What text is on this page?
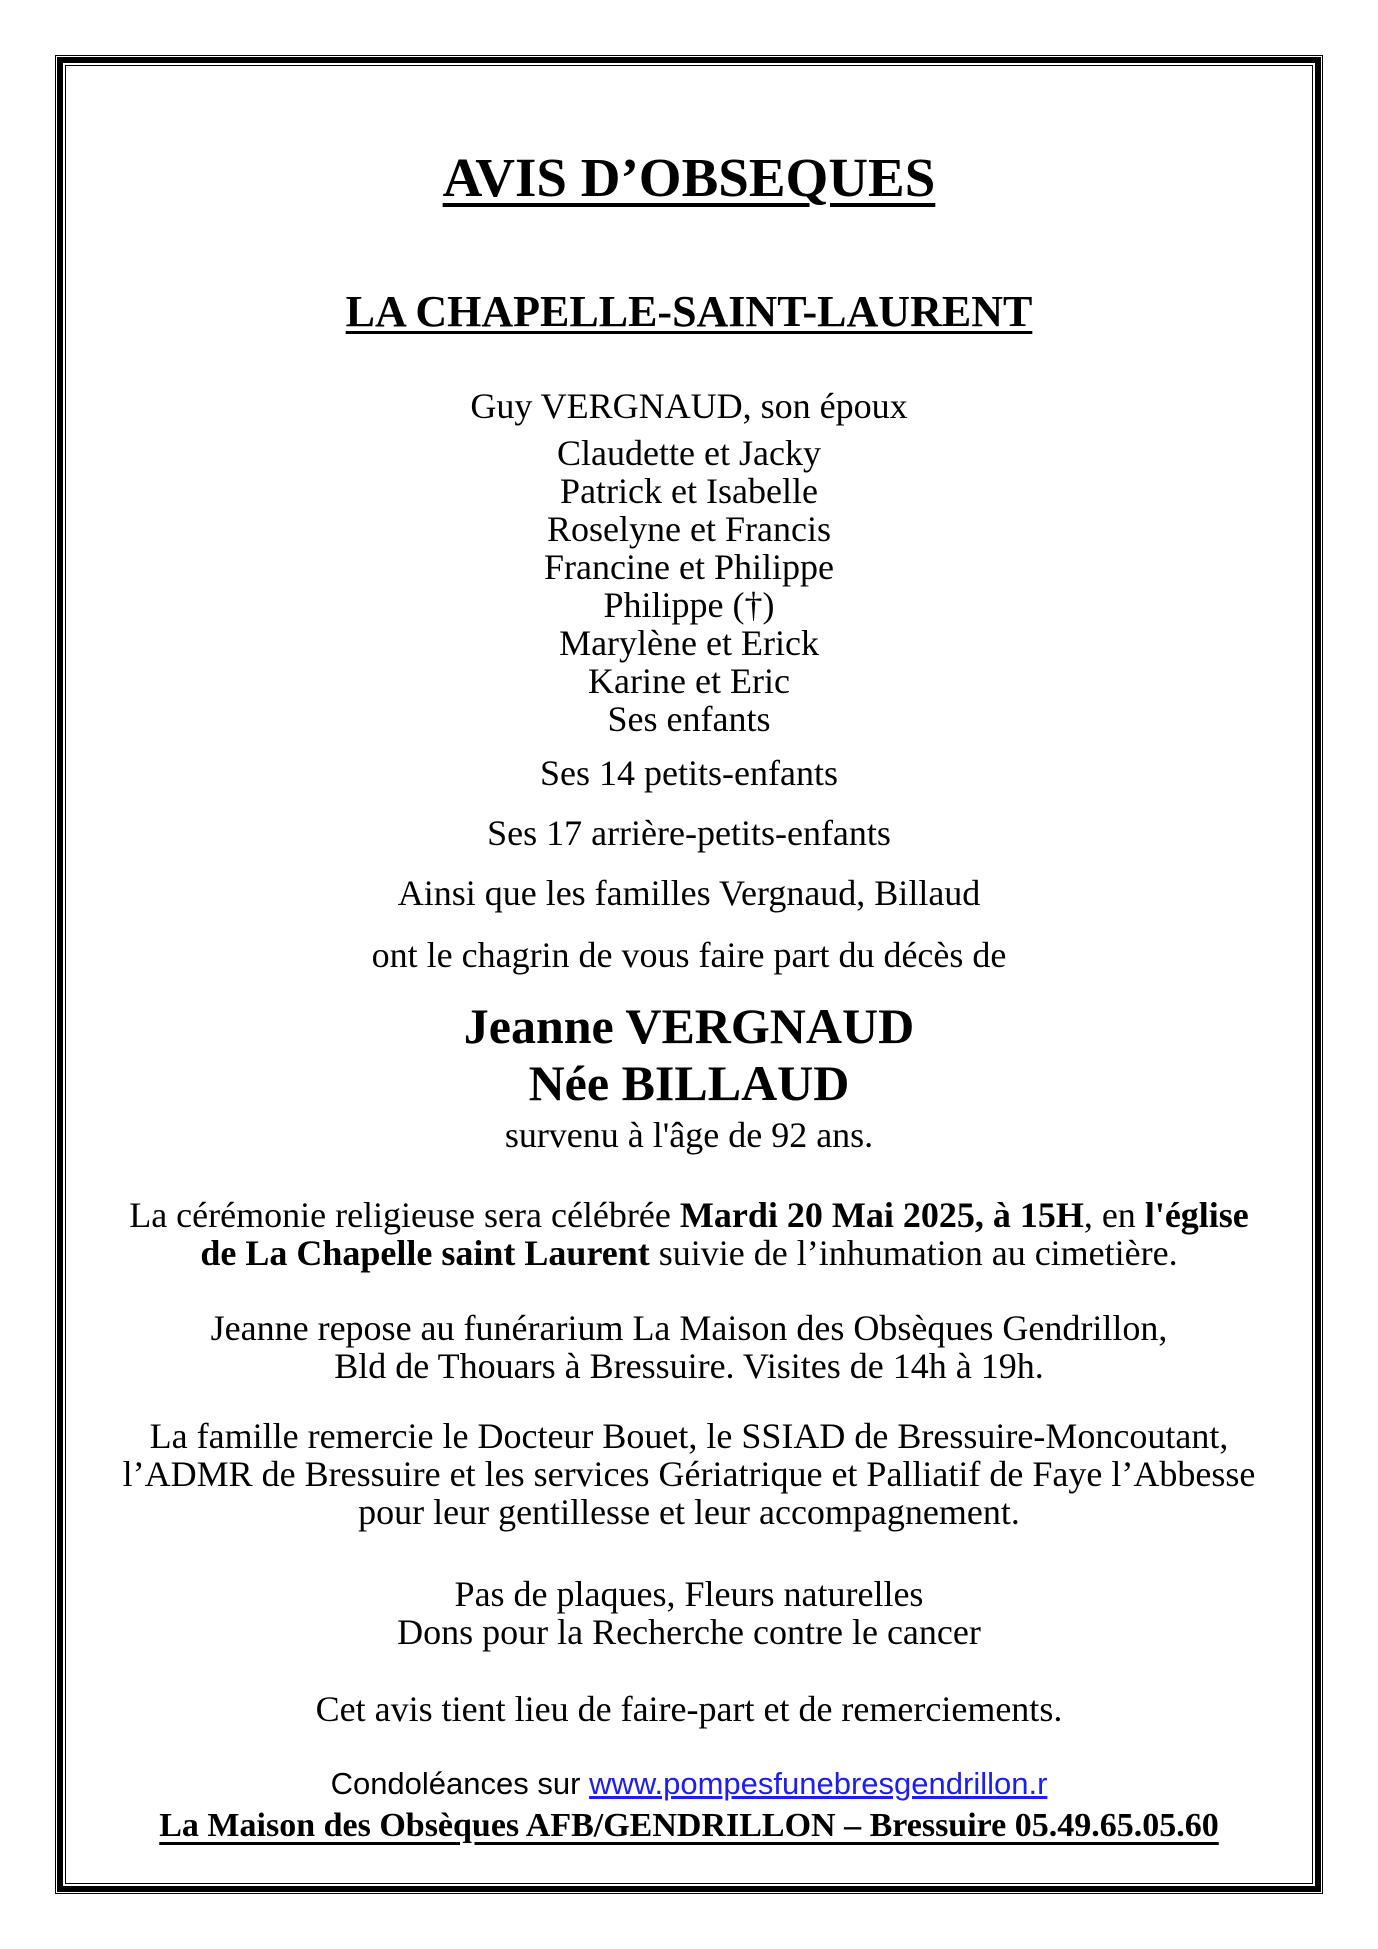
AVIS D’OBSEQUES
LA CHAPELLE-SAINT-LAURENT

Guy VERGNAUD, son époux

Claudette et Jacky
Patrick et Isabelle
Roselyne et Francis
Francine et Philippe
Philippe (†)
Marylène et Erick
Karine et Eric
Ses enfants

Ses 14 petits-enfants

Ses 17 arrière-petits-enfants

Ainsi que les familles Vergnaud, Billaud

ont le chagrin de vous faire part du décès de

Jeanne VERGNAUD
Née BILLAUD

survenu à l'âge de 92 ans.

La cérémonie religieuse sera célébrée Mardi 20 Mai 2025, à 15H, en l'église
de La Chapelle saint Laurent suivie de l’inhumation au cimetière.
Jeanne repose au funérarium La Maison des Obsèques Gendrillon,
Bld de Thouars à Bressuire. Visites de 14h à 19h.
La famille remercie le Docteur Bouet, le SSIAD de Bressuire-Moncoutant,
l’ADMR de Bressuire et les services Gériatrique et Palliatif de Faye l’Abbesse
pour leur gentillesse et leur accompagnement.
Pas de plaques, Fleurs naturelles
Dons pour la Recherche contre le cancer

Cet avis tient lieu de faire-part et de remerciements.

Condoléances sur www.pompesfunebresgendrillon.r

La Maison des Obsèques AFB/GENDRILLON – Bressuire 05.49.65.05.60
